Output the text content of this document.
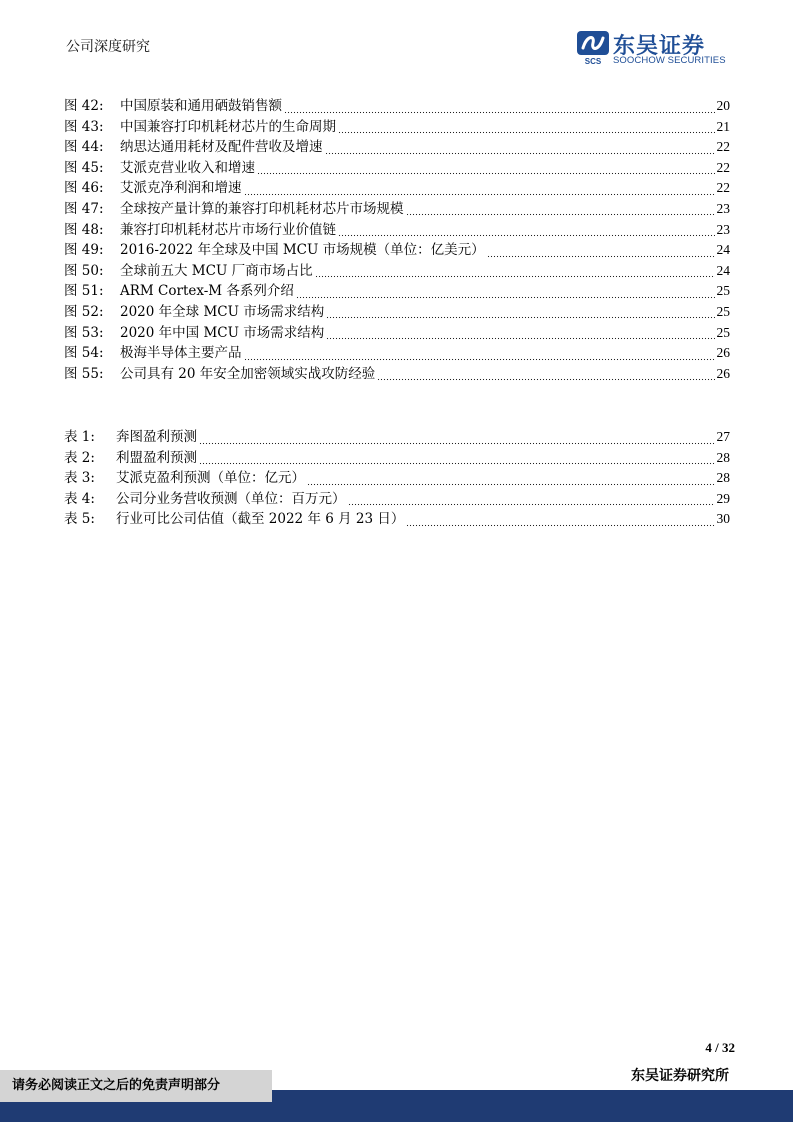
公司深度研究
SCS
东吴证券
SOOCHOW SECURITIES
图 42:	中国原装和通用硒鼓销售额	20
图 43:	中国兼容打印机耗材芯片的生命周期	21
图 44:	纳思达通用耗材及配件营收及增速	22
图 45:	艾派克营业收入和增速	22
图 46:	艾派克净利润和增速	22
图 47:	全球按产量计算的兼容打印机耗材芯片市场规模	23
图 48:	兼容打印机耗材芯片市场行业价值链	23
图 49:	2016-2022 年全球及中国 MCU 市场规模（单位：亿美元）	24
图 50:	全球前五大 MCU 厂商市场占比	24
图 51:	ARM Cortex-M 各系列介绍	25
图 52:	2020 年全球 MCU 市场需求结构	25
图 53:	2020 年中国 MCU 市场需求结构	25
图 54:	极海半导体主要产品	26
图 55:	公司具有 20 年安全加密领域实战攻防经验	26
表 1:	奔图盈利预测	27
表 2:	利盟盈利预测	28
表 3:	艾派克盈利预测（单位：亿元）	28
表 4:	公司分业务营收预测（单位：百万元）	29
表 5:	行业可比公司估值（截至 2022 年 6 月 23 日）	30
4 / 32
东吴证券研究所
请务必阅读正文之后的免责声明部分
